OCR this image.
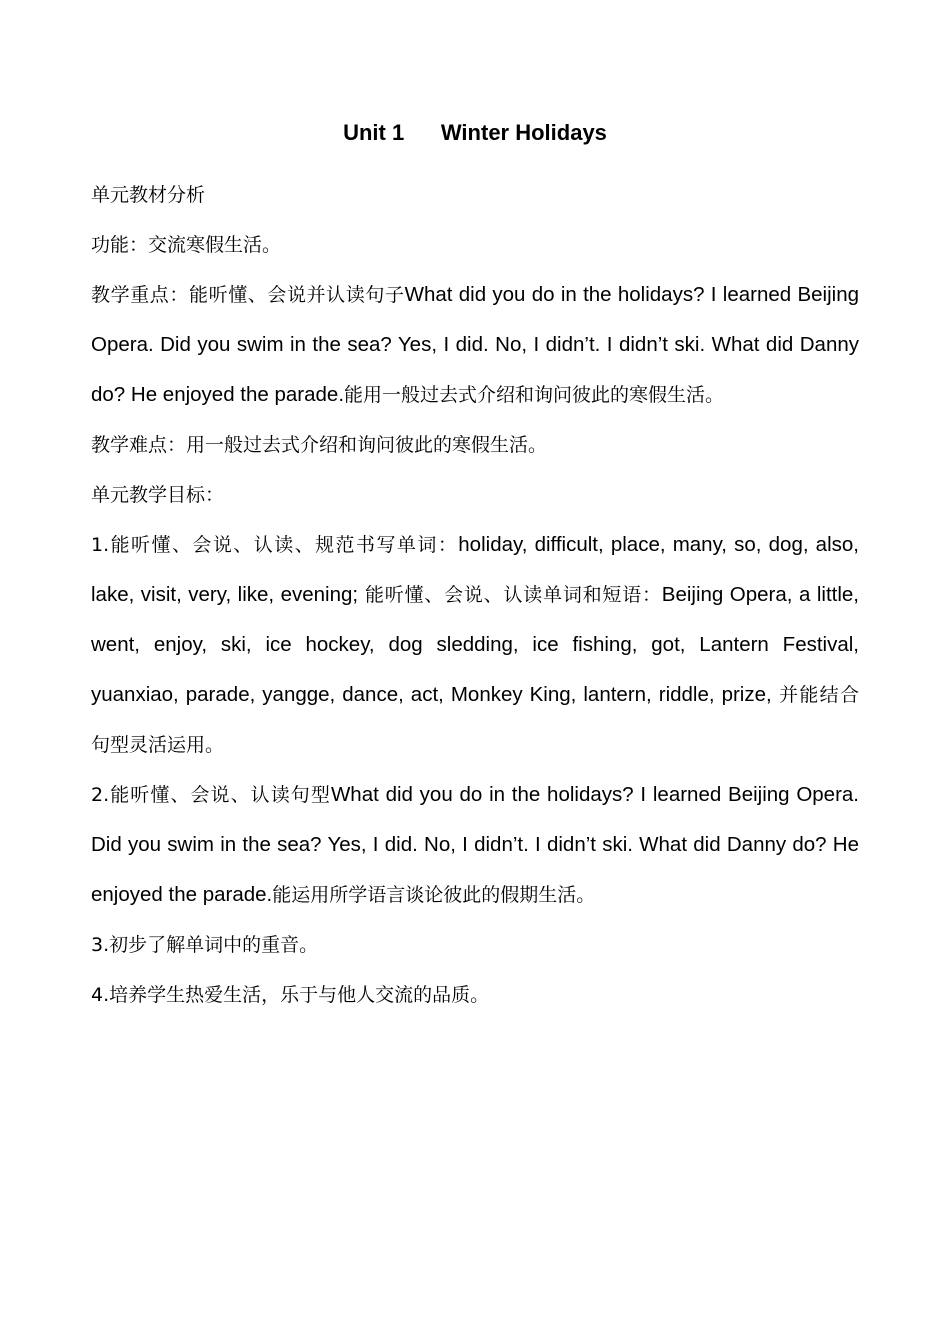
Unit 1      Winter Holidays

单元教材分析

功能：交流寒假生活。

教学重点：能听懂、会说并认读句子What did you do in the holidays? I learned Beijing Opera. Did you swim in the sea? Yes, I did. No, I didn’t. I didn’t ski. What did Danny do? He enjoyed the parade.能用一般过去式介绍和询问彼此的寒假生活。

教学难点：用一般过去式介绍和询问彼此的寒假生活。

单元教学目标：

1.能听懂、会说、认读、规范书写单词：holiday, difficult, place, many, so, dog, also, lake, visit, very, like, evening; 能听懂、会说、认读单词和短语：Beijing Opera, a little, went, enjoy, ski, ice hockey, dog sledding, ice fishing, got, Lantern Festival, yuanxiao, parade, yangge, dance, act, Monkey King, lantern, riddle, prize, 并能结合句型灵活运用。

2.能听懂、会说、认读句型What did you do in the holidays? I learned Beijing Opera. Did you swim in the sea? Yes, I did. No, I didn’t. I didn’t ski. What did Danny do? He enjoyed the parade.能运用所学语言谈论彼此的假期生活。

3.初步了解单词中的重音。

4.培养学生热爱生活，乐于与他人交流的品质。
